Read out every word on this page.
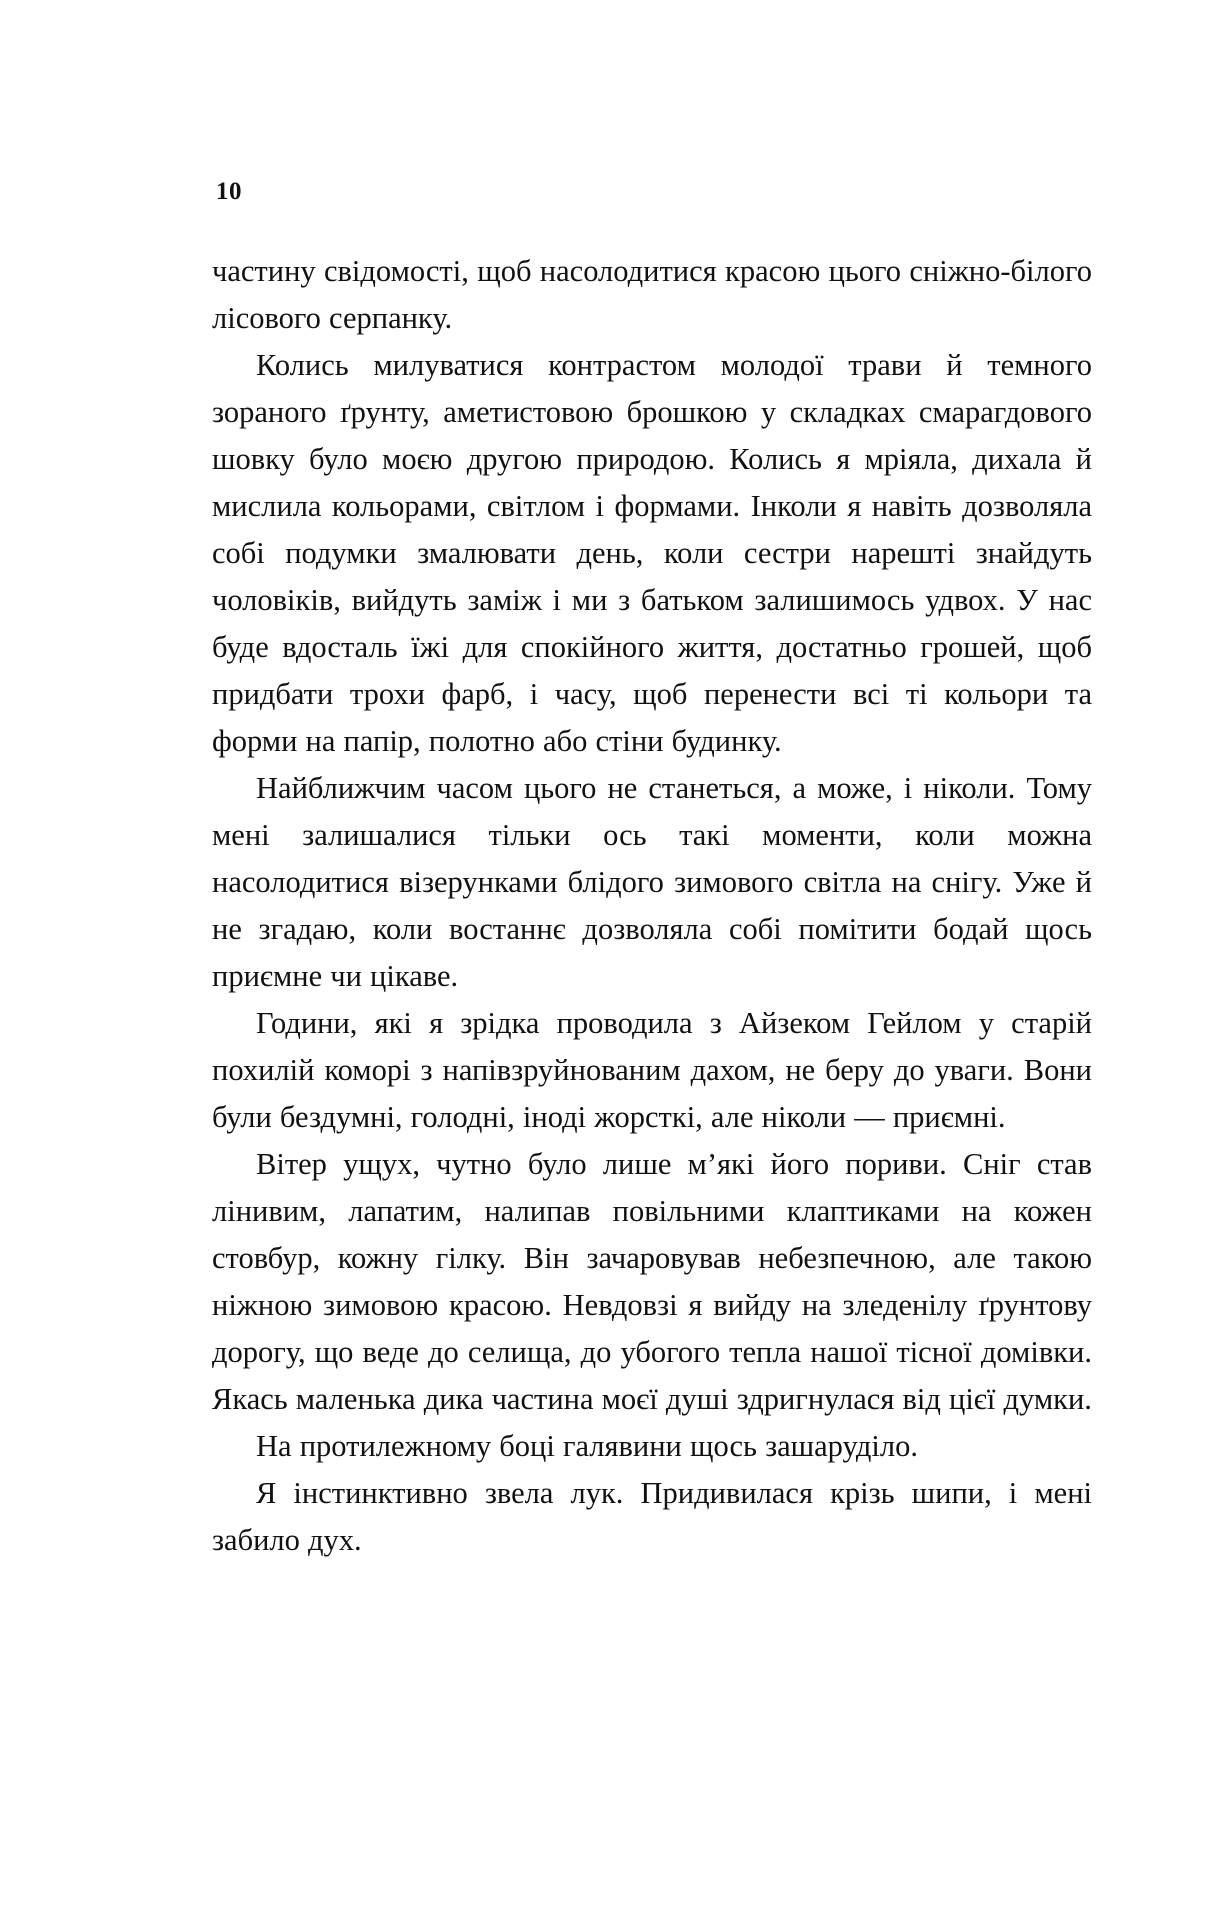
10

частину свідомості, щоб насолодитися красою цього сніжно-білого лісового серпанку.

Колись милуватися контрастом молодої трави й темного зораного ґрунту, аметистовою брошкою у складках смарагдового шовку було моєю другою природою. Колись я мріяла, дихала й мислила кольорами, світлом і формами. Інколи я навіть дозволяла собі подумки змалювати день, коли сестри нарешті знайдуть чоловіків, вийдуть заміж і ми з батьком залишимось удвох. У нас буде вдосталь їжі для спокійного життя, достатньо грошей, щоб придбати трохи фарб, і часу, щоб перенести всі ті кольори та форми на папір, полотно або стіни будинку.

Найближчим часом цього не станеться, а може, і ніколи. Тому мені залишалися тільки ось такі моменти, коли можна насолодитися візерунками блідого зимового світла на снігу. Уже й не згадаю, коли востаннє дозволяла собі помітити бодай щось приємне чи цікаве.

Години, які я зрідка проводила з Айзеком Гейлом у старій похилій коморі з напівзруйнованим дахом, не беру до уваги. Вони були бездумні, голодні, іноді жорсткі, але ніколи — приємні.

Вітер ущух, чутно було лише м’які його пориви. Сніг став лінивим, лапатим, налипав повільними клаптиками на кожен стовбур, кожну гілку. Він зачаровував небезпечною, але такою ніжною зимовою красою. Невдовзі я вийду на зледенілу ґрунтову дорогу, що веде до селища, до убогого тепла нашої тісної домівки. Якась маленька дика частина моєї душі здригнулася від цієї думки.

На протилежному боці галявини щось зашаруділо.

Я інстинктивно звела лук. Придивилася крізь шипи, і мені забило дух.
